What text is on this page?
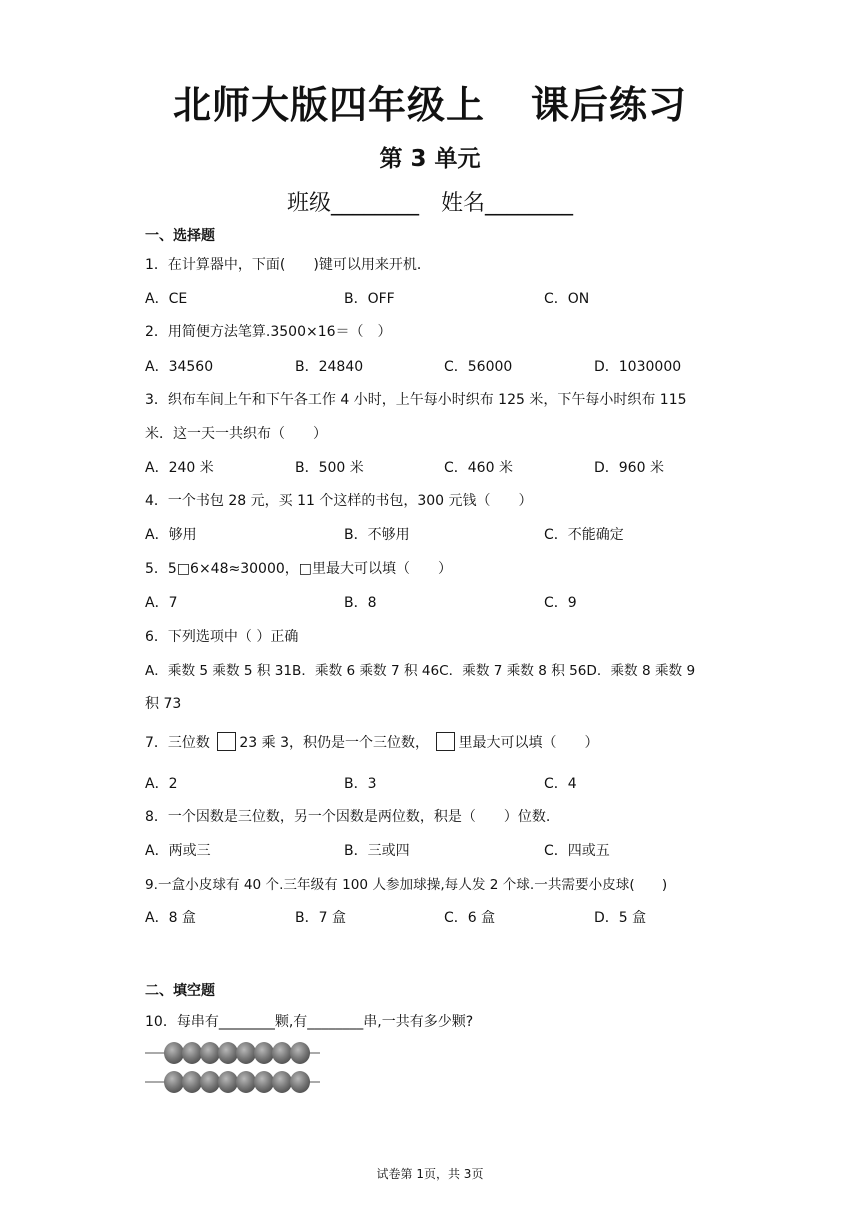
北师大版四年级上 课后练习
第 3 单元
班级________ 姓名________
一、选择题
1．在计算器中，下面(　　)键可以用来开机．
A．CE	B．OFF	C．ON
2．用简便方法笔算.3500×16＝（　）
A．34560	B．24840	C．56000	D．1030000
3．织布车间上午和下午各工作 4 小时，上午每小时织布 125 米，下午每小时织布 115
米．这一天一共织布（　　）
A．240 米	B．500 米	C．460 米	D．960 米
4．一个书包 28 元，买 11 个这样的书包，300 元钱（　　）
A．够用	B．不够用	C．不能确定
5．5□6×48≈30000，□里最大可以填（　　）
A．7	B．8	C．9
6．下列选项中（ ）正确
A．乘数 5 乘数 5 积 31B．乘数 6 乘数 7 积 46C．乘数 7 乘数 8 积 56D．乘数 8 乘数 9
积 73
7．三位数 23 乘 3，积仍是一个三位数， 里最大可以填（　　）
A．2	B．3	C．4
8．一个因数是三位数，另一个因数是两位数，积是（　　）位数.
A．两或三	B．三或四	C．四或五
9.一盒小皮球有 40 个.三年级有 100 人参加球操,每人发 2 个球.一共需要小皮球(　　)
A．8 盒	B．7 盒	C．6 盒	D．5 盒
二、填空题
10．每串有________颗,有________串,一共有多少颗?
试卷第 1页，共 3页
